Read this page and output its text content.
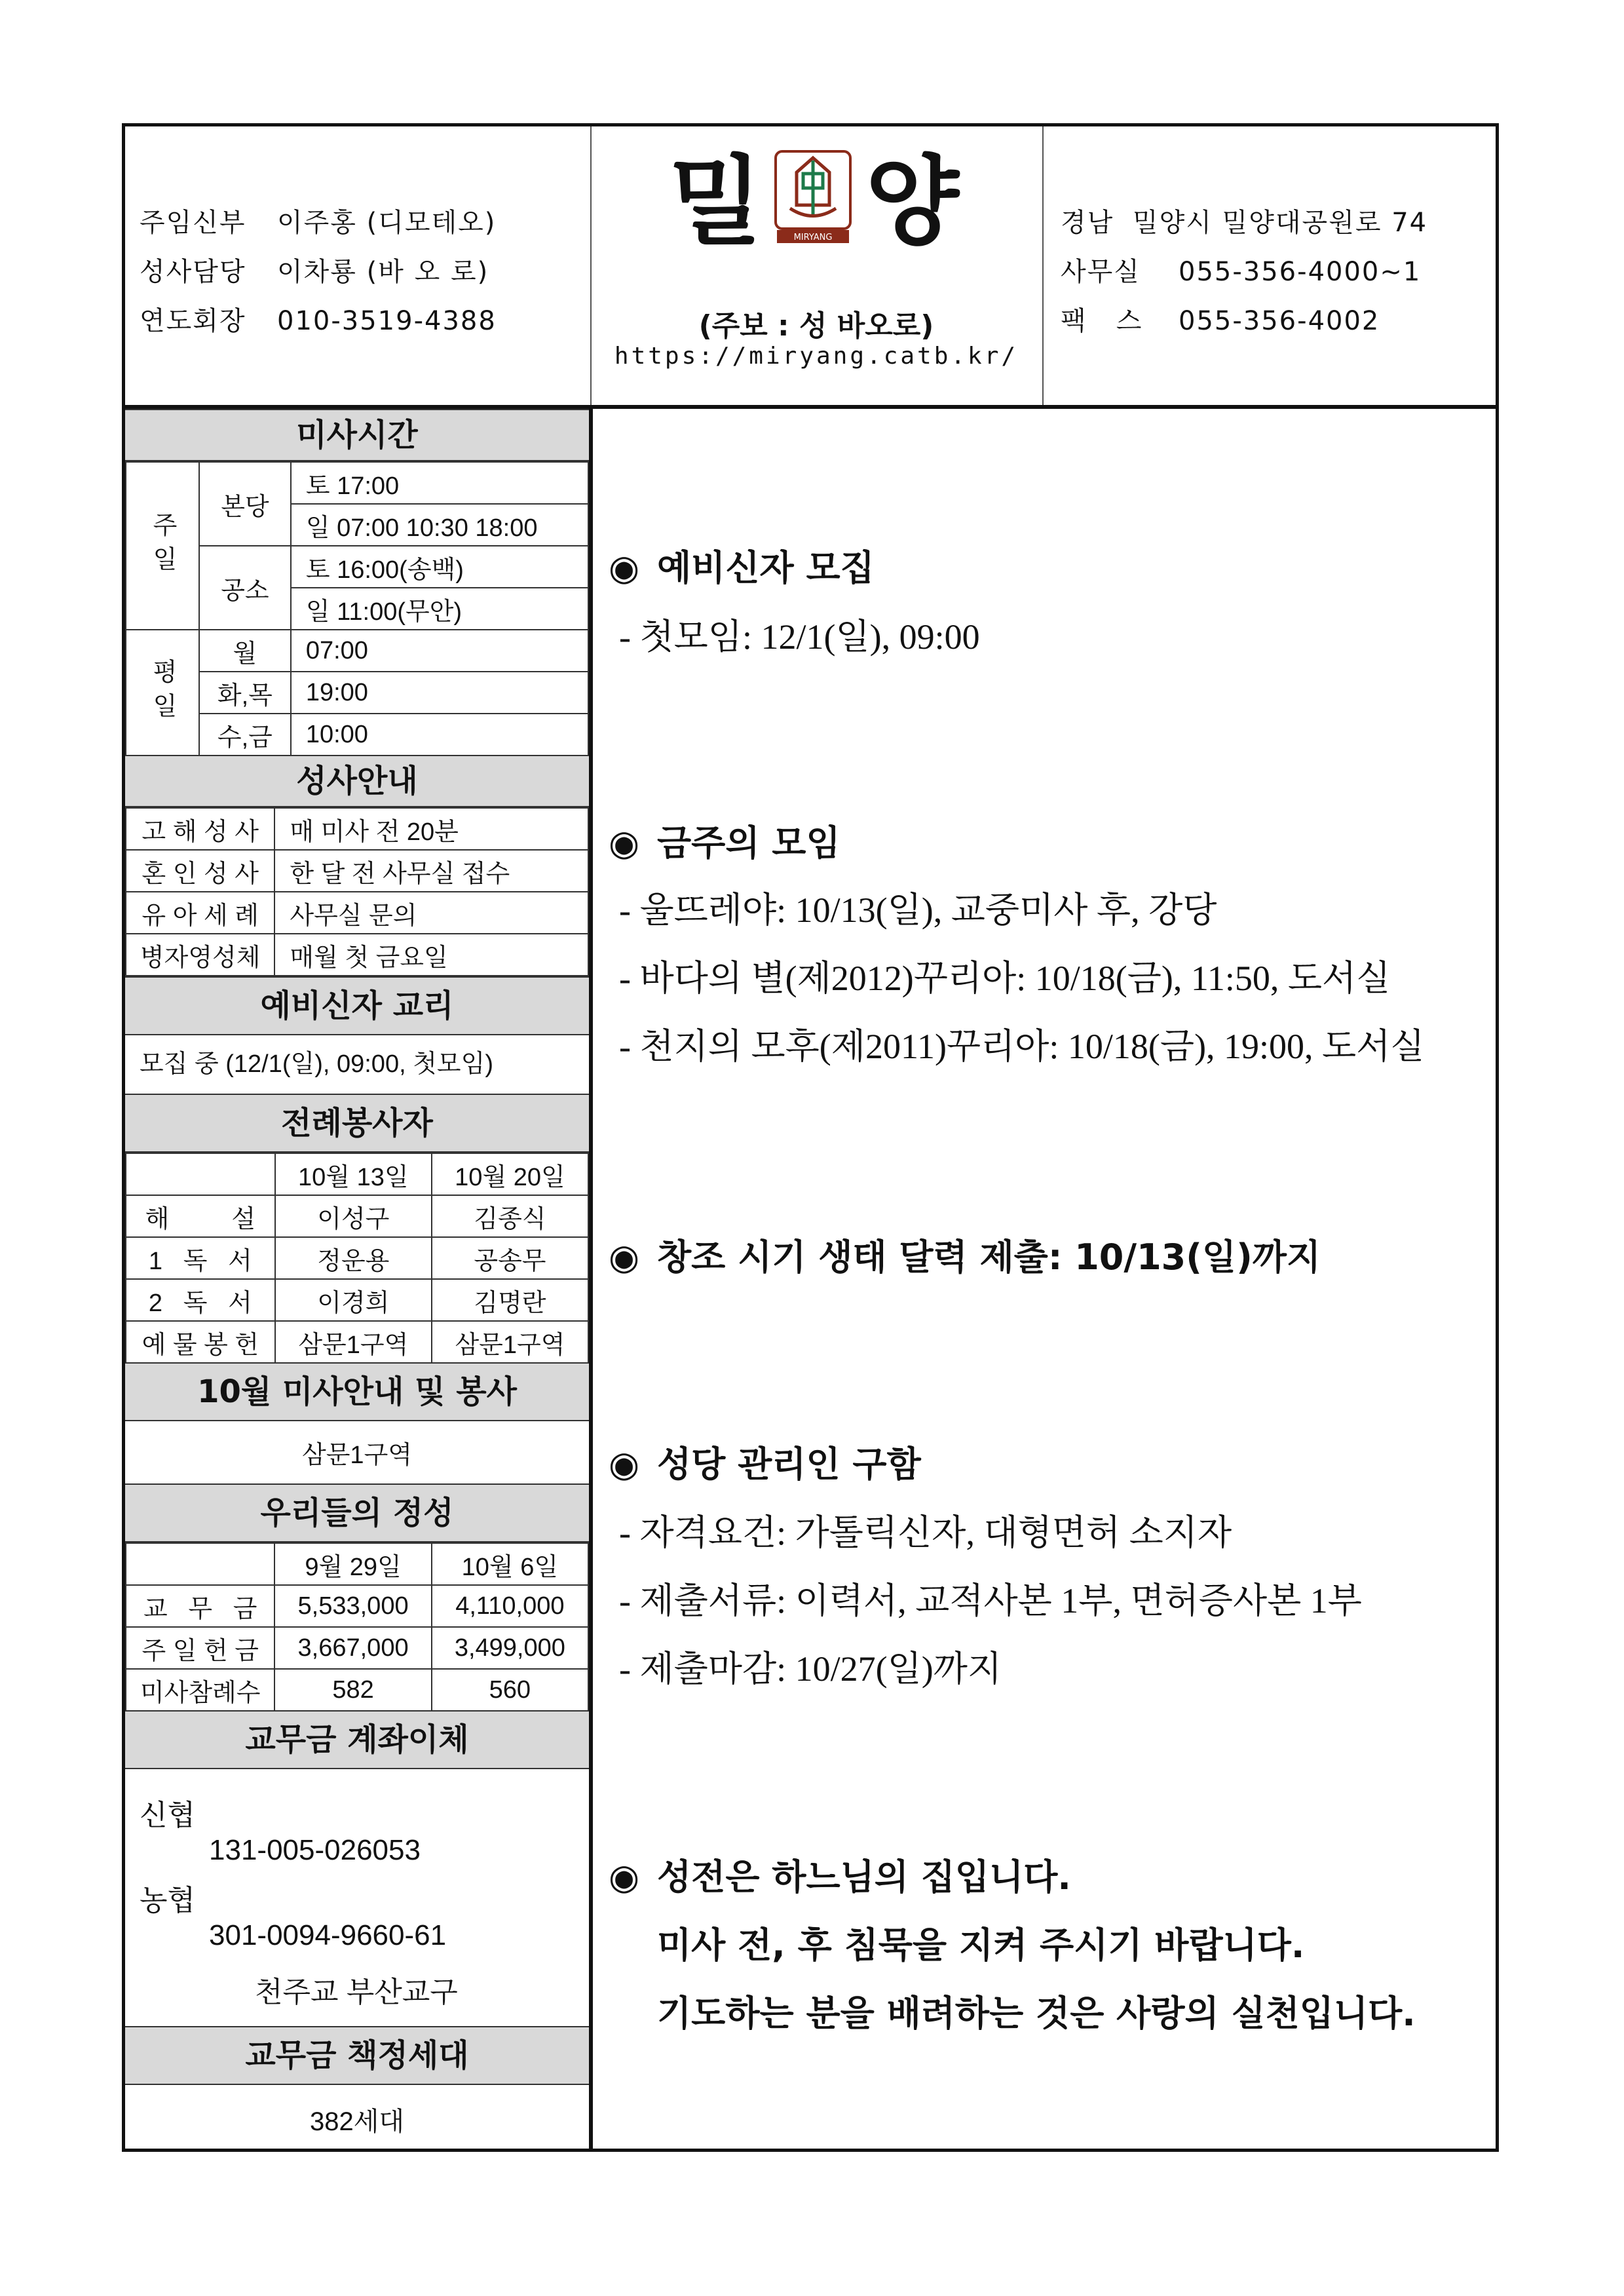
주임신부 이주홍 (디모테오)
성사담당 이차룡 (바 오 로)
연도회장 010-3519-4388
밀 양
MIRYANG
(주보 : 성 바오로)
https://miryang.catb.kr/
경남 밀양시 밀양대공원로 74
사무실 055-356-4000~1
팩   스 055-356-4002
미사시간
주일	본당	토 17:00
		일 07:00 10:30 18:00
	공소	토 16:00(송백)
		일 11:00(무안)
평일	월	07:00
	화,목	19:00
	수,금	10:00
성사안내
고 해 성 사	매 미사 전 20분
혼 인 성 사	한 달 전 사무실 접수
유 아 세 례	사무실 문의
병자영성체	매월 첫 금요일
예비신자 교리
모집 중 (12/1(일), 09:00, 첫모임)
전례봉사자
	10월 13일	10월 20일
해         설	이성구	김종식
1   독   서	정운용	공송무
2   독   서	이경희	김명란
예 물 봉 헌	삼문1구역	삼문1구역
10월 미사안내 및 봉사
삼문1구역
우리들의 정성
	9월 29일	10월 6일
교   무   금	5,533,000	4,110,000
주 일 헌 금	3,667,000	3,499,000
미사참례수	582	560
교무금 계좌이체
신협
131-005-026053
농협
301-0094-9660-61
천주교 부산교구
교무금 책정세대
382세대
◉ 예비신자 모집
- 첫모임: 12/1(일), 09:00
◉ 금주의 모임
- 울뜨레야: 10/13(일), 교중미사 후, 강당
- 바다의 별(제2012)꾸리아: 10/18(금), 11:50, 도서실
- 천지의 모후(제2011)꾸리아: 10/18(금), 19:00, 도서실
◉ 창조 시기 생태 달력 제출: 10/13(일)까지
◉ 성당 관리인 구함
- 자격요건: 가톨릭신자, 대형면허 소지자
- 제출서류: 이력서, 교적사본 1부, 면허증사본 1부
- 제출마감: 10/27(일)까지
◉ 성전은 하느님의 집입니다.
미사 전, 후 침묵을 지켜 주시기 바랍니다.
기도하는 분을 배려하는 것은 사랑의 실천입니다.
